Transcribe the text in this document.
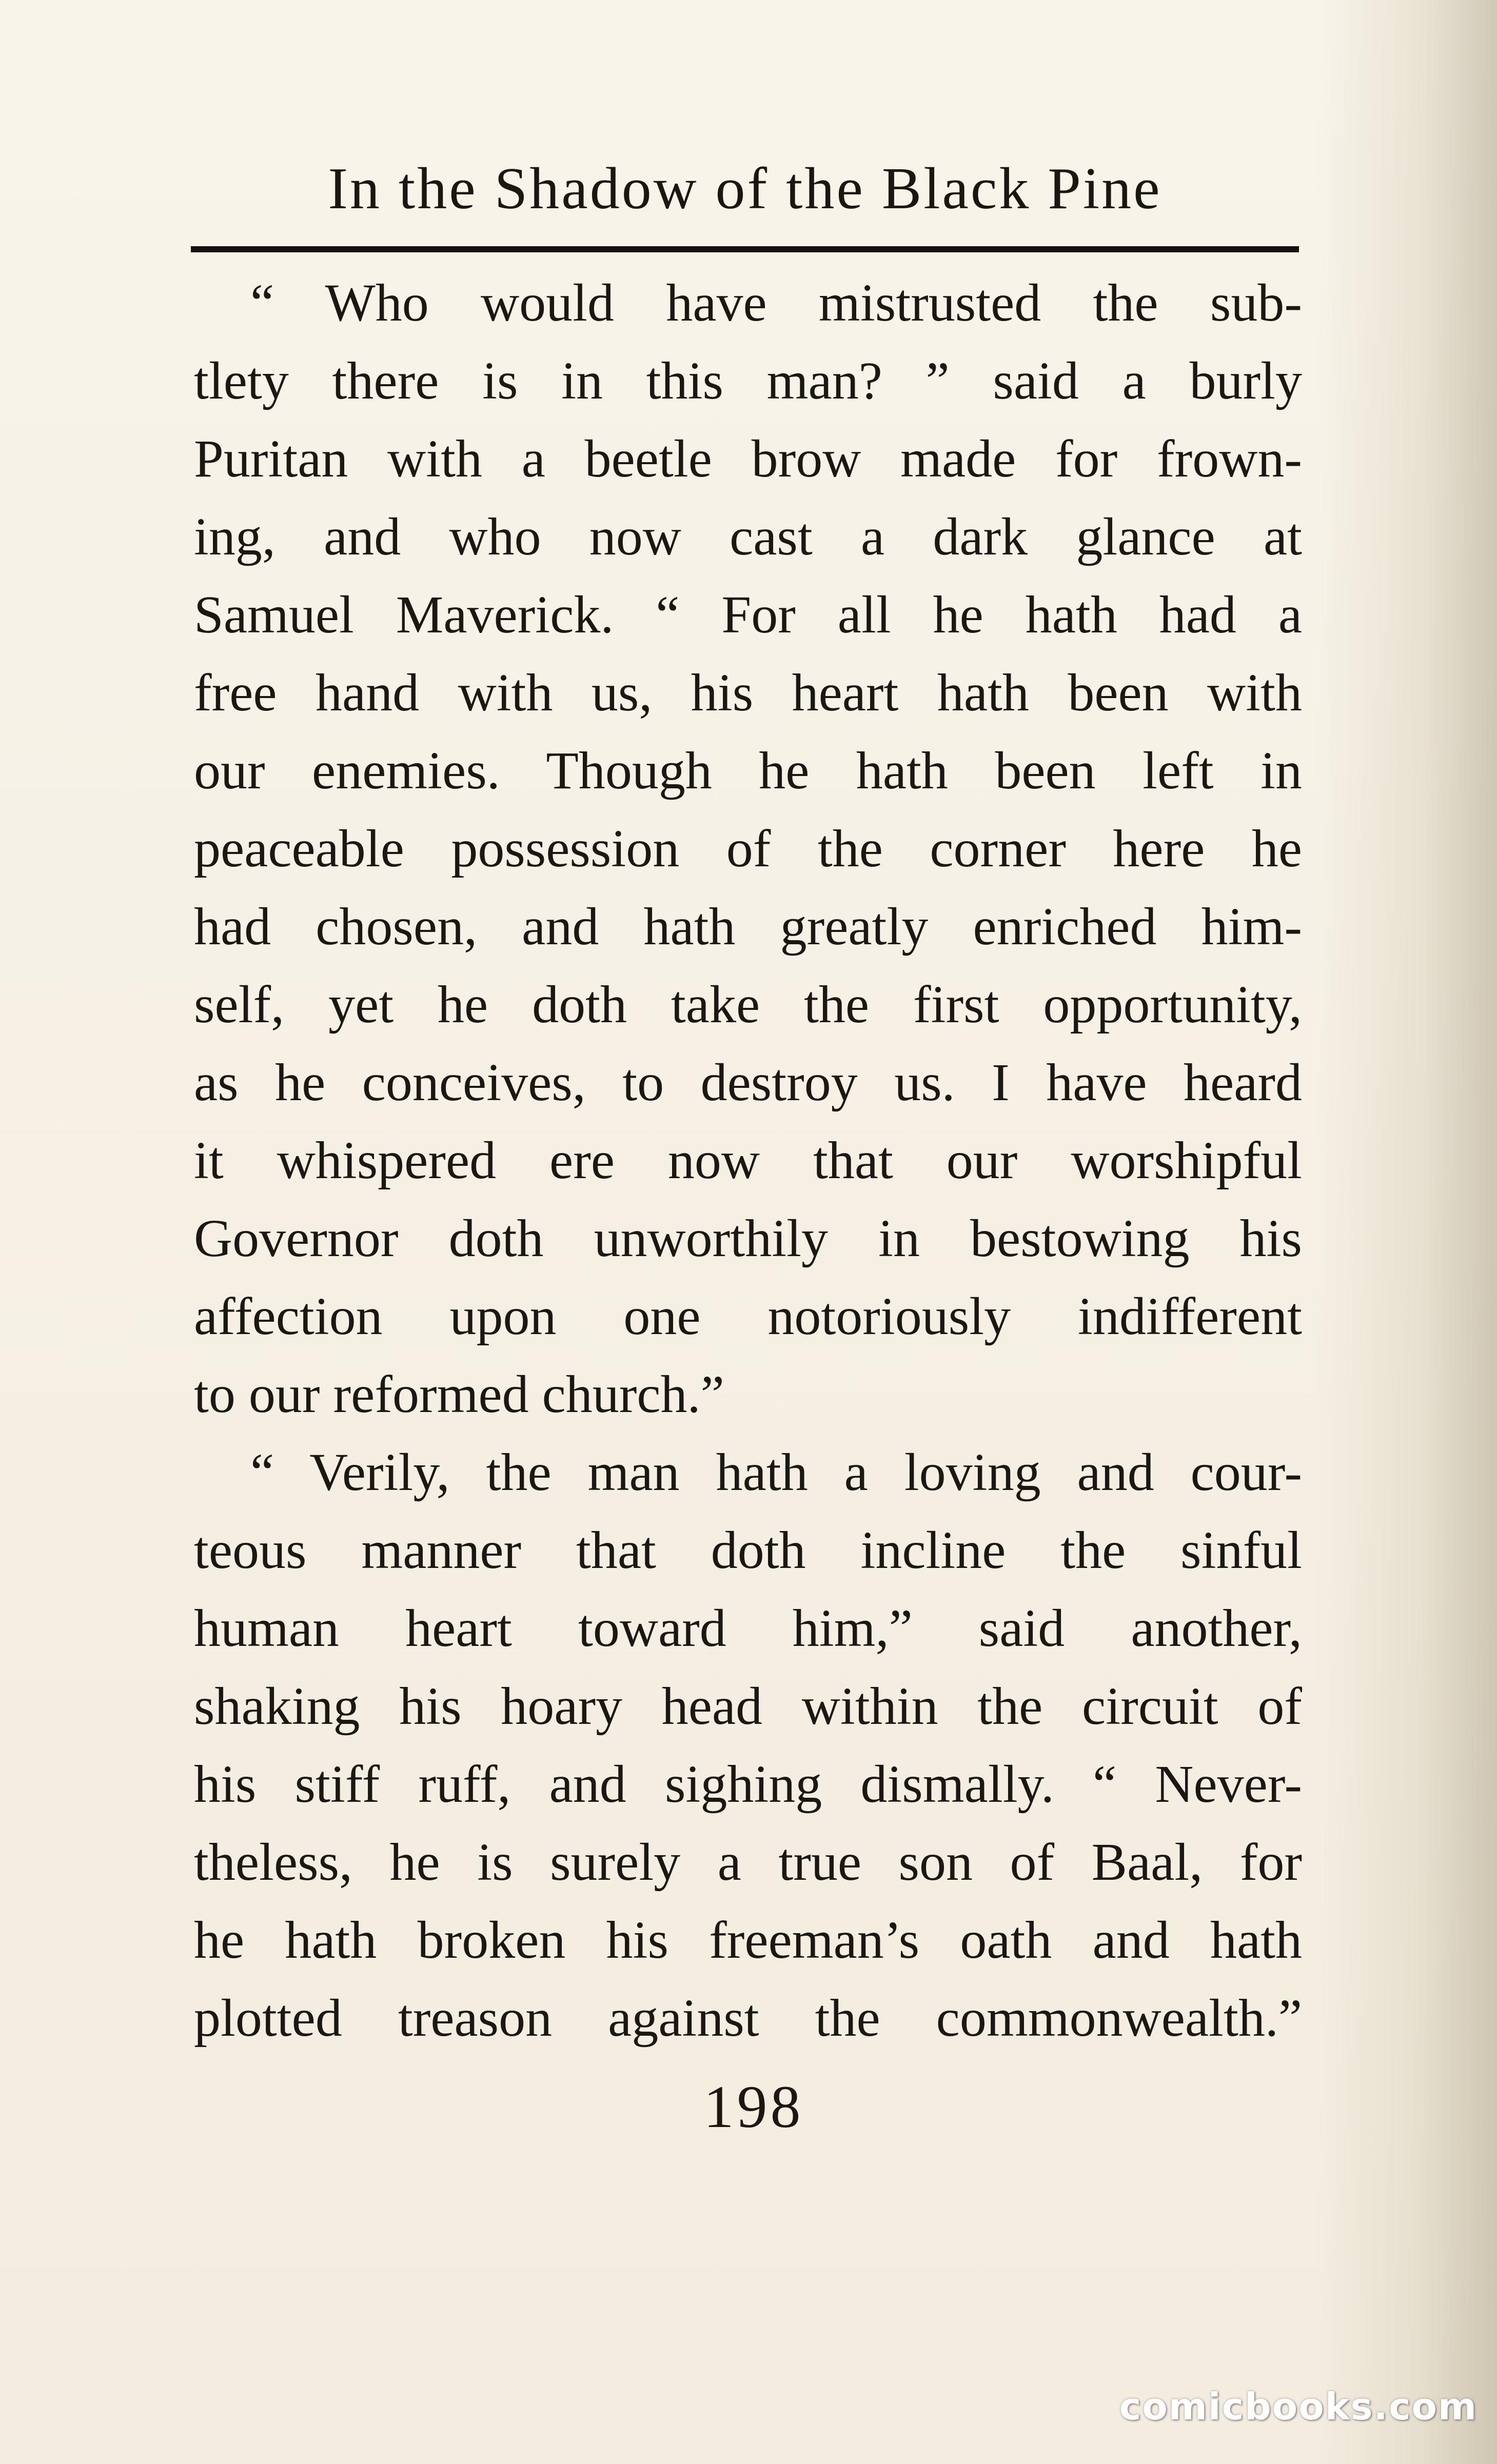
In the Shadow of the Black Pine
“ Who would have mistrusted the sub-
tlety there is in this man? ” said a burly
Puritan with a beetle brow made for frown-
ing, and who now cast a dark glance at
Samuel Maverick. “ For all he hath had a
free hand with us, his heart hath been with
our enemies. Though he hath been left in
peaceable possession of the corner here he
had chosen, and hath greatly enriched him-
self, yet he doth take the first opportunity,
as he conceives, to destroy us. I have heard
it whispered ere now that our worshipful
Governor doth unworthily in bestowing his
affection upon one notoriously indifferent
to our reformed church.”
“ Verily, the man hath a loving and cour-
teous manner that doth incline the sinful
human heart toward him,” said another,
shaking his hoary head within the circuit of
his stiff ruff, and sighing dismally. “ Never-
theless, he is surely a true son of Baal, for
he hath broken his freeman’s oath and hath
plotted treason against the commonwealth.”
198
comicbooks.com
